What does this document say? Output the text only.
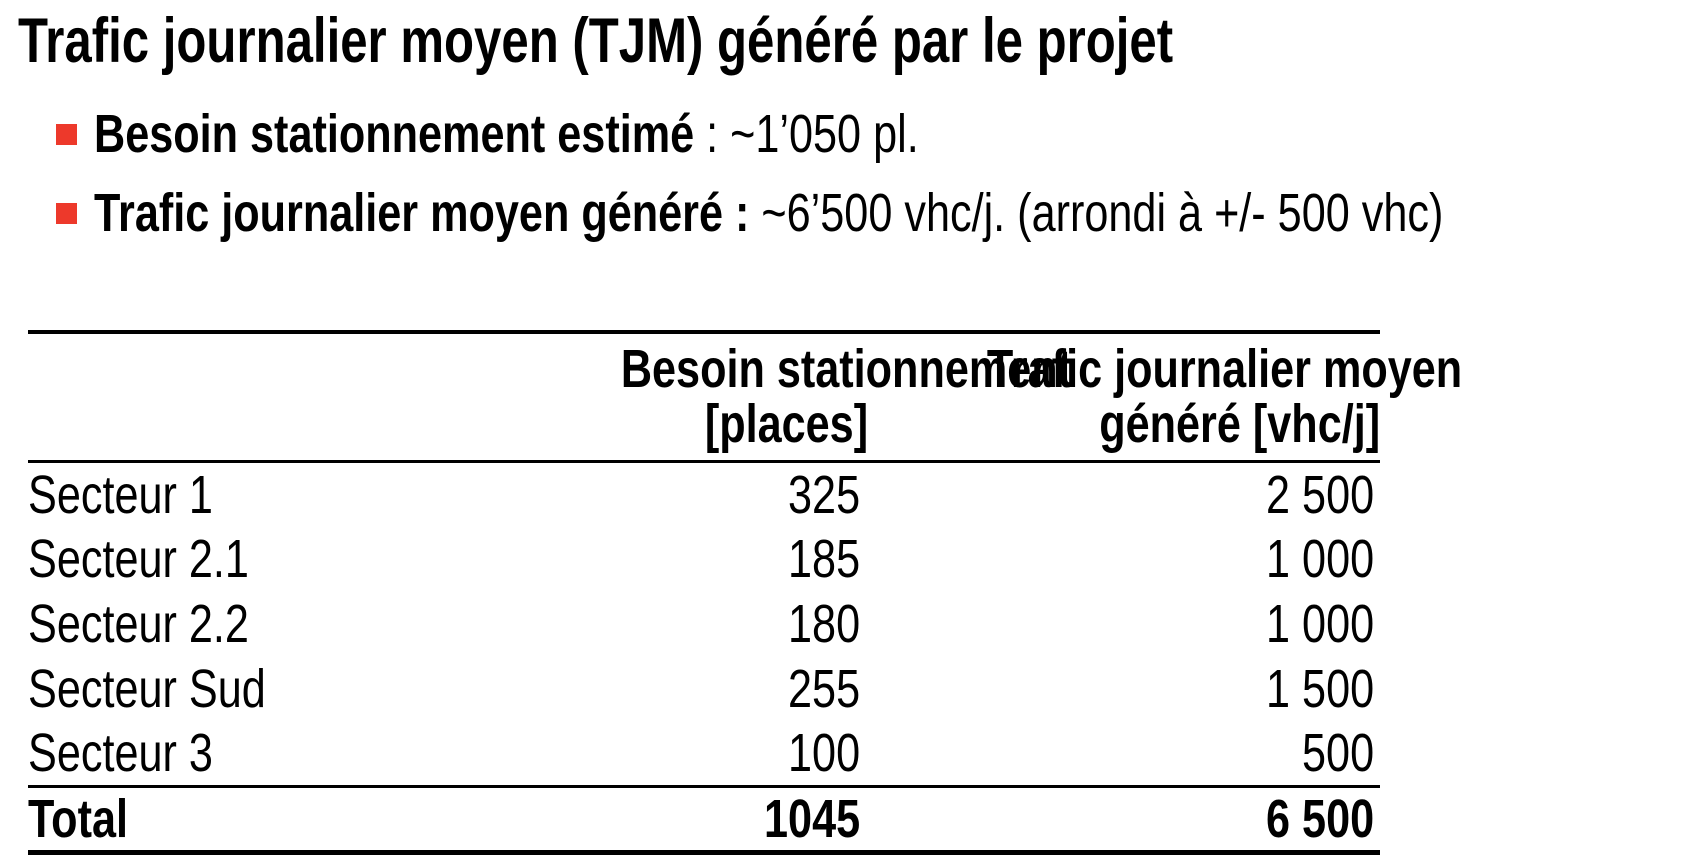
Trafic journalier moyen (TJM) généré par le projet
Besoin stationnement estimé : ~1’050 pl.
Trafic journalier moyen généré : ~6’500 vhc/j. (arrondi à +/- 500 vhc)

Besoin stationnement
[places]

Trafic journalier moyen
généré [vhc/j]

Secteur 1	325	2 500
Secteur 2.1	185	1 000
Secteur 2.2	180	1 000
Secteur Sud	255	1 500
Secteur 3	100	500
Total	1045	6 500
